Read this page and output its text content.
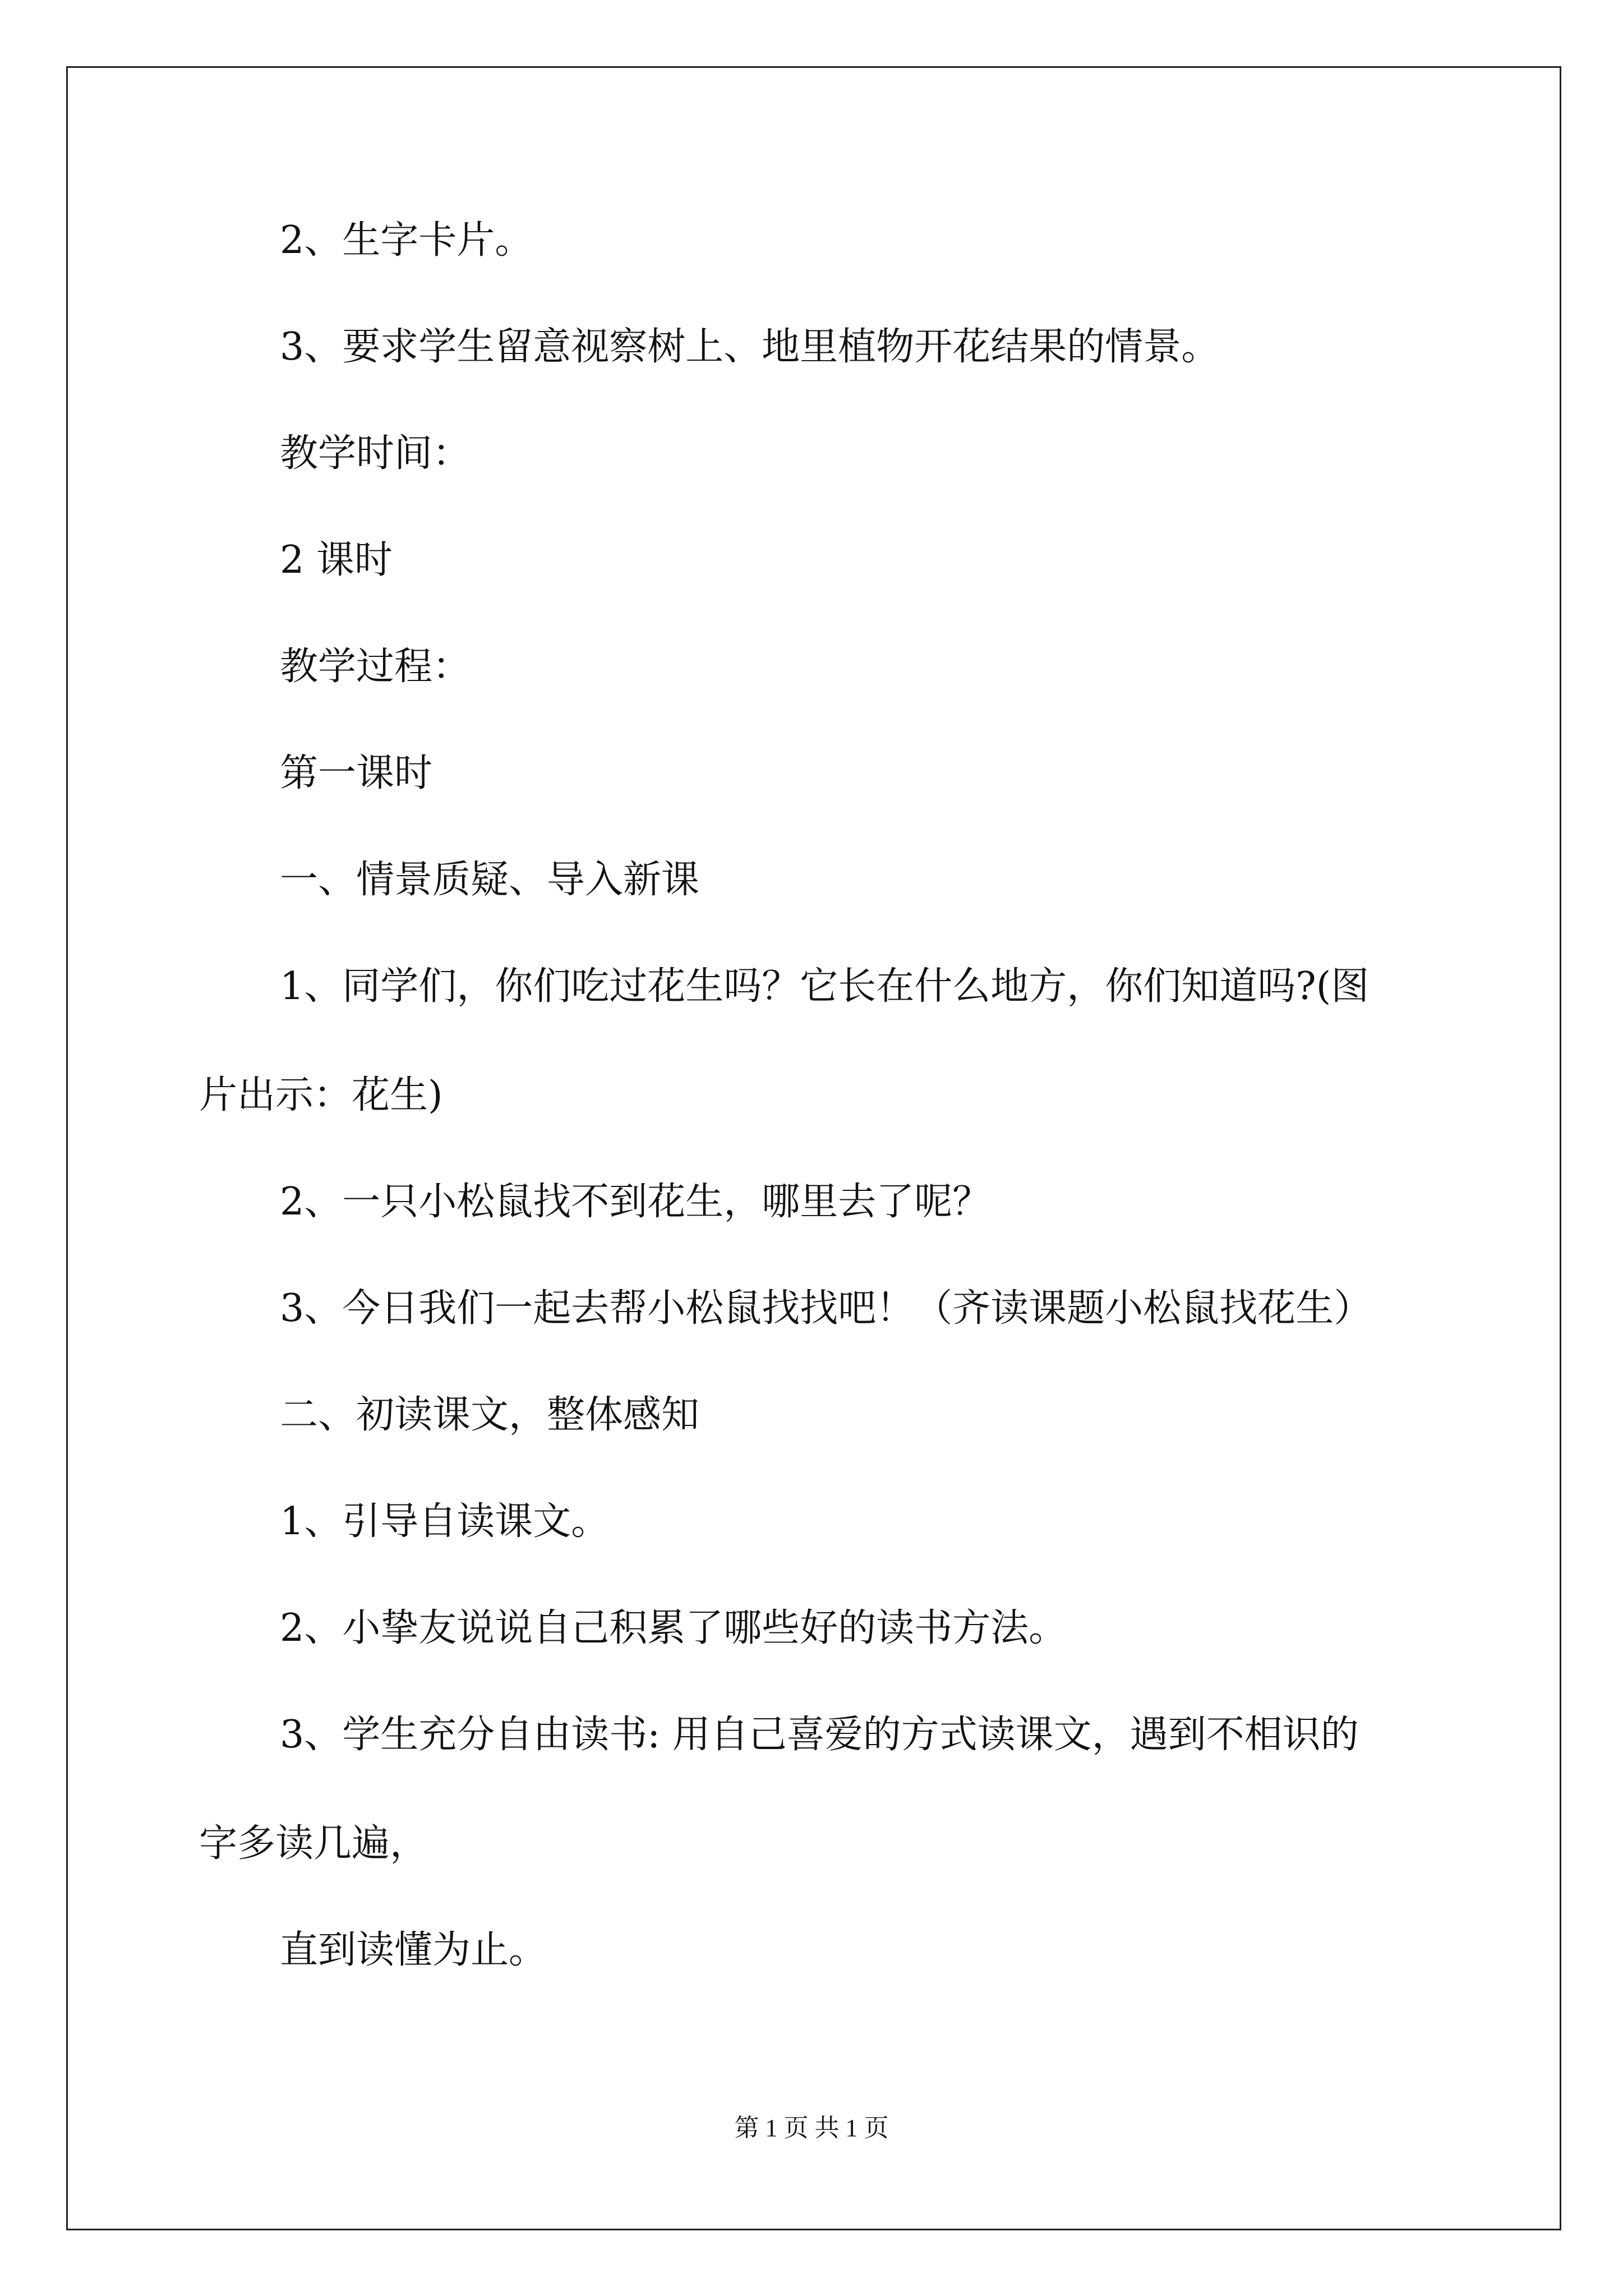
2、生字卡片。

3、要求学生留意视察树上、地里植物开花结果的情景。

教学时间：

2 课时

教学过程：

第一课时

一、情景质疑、导入新课

1、同学们，你们吃过花生吗？它长在什么地方，你们知道吗?(图

片出示：花生)

2、一只小松鼠找不到花生，哪里去了呢？

3、今日我们一起去帮小松鼠找找吧！（齐读课题小松鼠找花生）

二、初读课文，整体感知

1、引导自读课文。

2、小挚友说说自己积累了哪些好的读书方法。

3、学生充分自由读书: 用自己喜爱的方式读课文，遇到不相识的

字多读几遍，

直到读懂为止。

第 1 页 共 1 页
